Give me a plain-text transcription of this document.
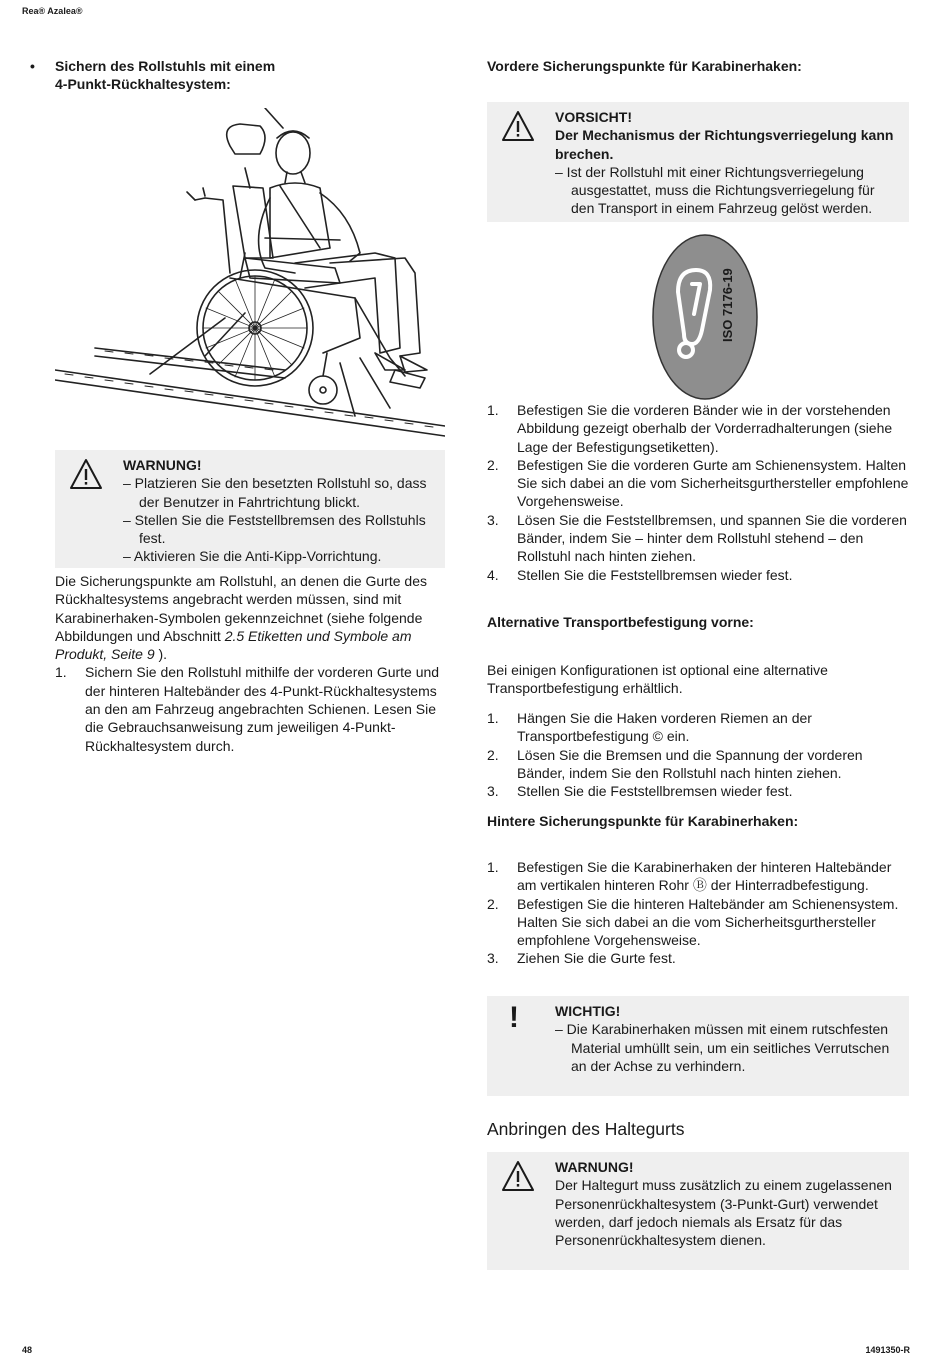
Rea® Azalea®
48	1491350-R
• Sichern des Rollstuhls mit einem
4-Punkt-Rückhaltesystem:

WARNUNG!

– Platzieren Sie den besetzten Rollstuhl so, dass der Benutzer in Fahrtrichtung blickt.

– Stellen Sie die Feststellbremsen des Rollstuhls fest.

– Aktivieren Sie die Anti-Kipp-Vorrichtung.

Die Sicherungspunkte am Rollstuhl, an denen die Gurte des Rückhaltesystems angebracht werden müssen, sind mit Karabinerhaken-Symbolen gekennzeichnet (siehe folgende Abbildungen und Abschnitt 2.5 Etiketten und Symbole am Produkt, Seite 9 ).

1. Sichern Sie den Rollstuhl mithilfe der vorderen Gurte und der hinteren Haltebänder des 4-Punkt-Rückhaltesystems an den am Fahrzeug angebrachten Schienen. Lesen Sie die Gebrauchsanweisung zum jeweiligen 4-Punkt-Rückhaltesystem durch.

Vordere Sicherungspunkte für Karabinerhaken:

VORSICHT!

Der Mechanismus der Richtungsverriegelung kann brechen.

– Ist der Rollstuhl mit einer Richtungsverriegelung ausgestattet, muss die Richtungsverriegelung für den Transport in einem Fahrzeug gelöst werden.

ISO 7176-19
1. Befestigen Sie die vorderen Bänder wie in der vorstehenden Abbildung gezeigt oberhalb der Vorderradhalterungen (siehe Lage der Befestigungsetiketten).
2. Befestigen Sie die vorderen Gurte am Schienensystem. Halten Sie sich dabei an die vom Sicherheitsgurthersteller empfohlene Vorgehensweise.
3. Lösen Sie die Feststellbremsen, und spannen Sie die vorderen Bänder, indem Sie – hinter dem Rollstuhl stehend – den Rollstuhl nach hinten ziehen.
4. Stellen Sie die Feststellbremsen wieder fest.

Alternative Transportbefestigung vorne:

Bei einigen Konfigurationen ist optional eine alternative Transportbefestigung erhältlich.

1. Hängen Sie die Haken vorderen Riemen an der Transportbefestigung © ein.
2. Lösen Sie die Bremsen und die Spannung der vorderen Bänder, indem Sie den Rollstuhl nach hinten ziehen.
3. Stellen Sie die Feststellbremsen wieder fest.

Hintere Sicherungspunkte für Karabinerhaken:

1. Befestigen Sie die Karabinerhaken der hinteren Haltebänder am vertikalen hinteren Rohr Ⓑ der Hinterradbefestigung.
2. Befestigen Sie die hinteren Haltebänder am Schienensystem. Halten Sie sich dabei an die vom Sicherheitsgurthersteller empfohlene Vorgehensweise.
3. Ziehen Sie die Gurte fest.
!	WICHTIG!

– Die Karabinerhaken müssen mit einem rutschfesten Material umhüllt sein, um ein seitliches Verrutschen an der Achse zu verhindern.

Anbringen des Haltegurts

WARNUNG!

Der Haltegurt muss zusätzlich zu einem zugelassenen Personenrückhaltesystem (3-Punkt-Gurt) verwendet werden, darf jedoch niemals als Ersatz für das Personenrückhaltesystem dienen.
